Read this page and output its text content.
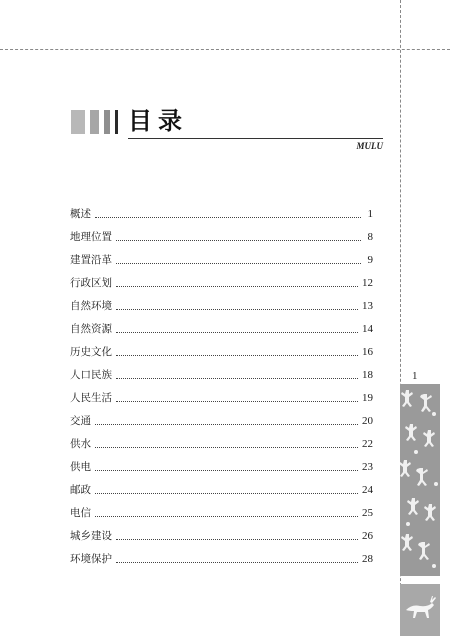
目录
MULU
概述	1
地理位置	8
建置沿革	9
行政区划	12
自然环境	13
自然资源	14
历史文化	16
人口民族	18
人民生活	19
交通	20
供水	22
供电	23
邮政	24
电信	25
城乡建设	26
环境保护	28
1
